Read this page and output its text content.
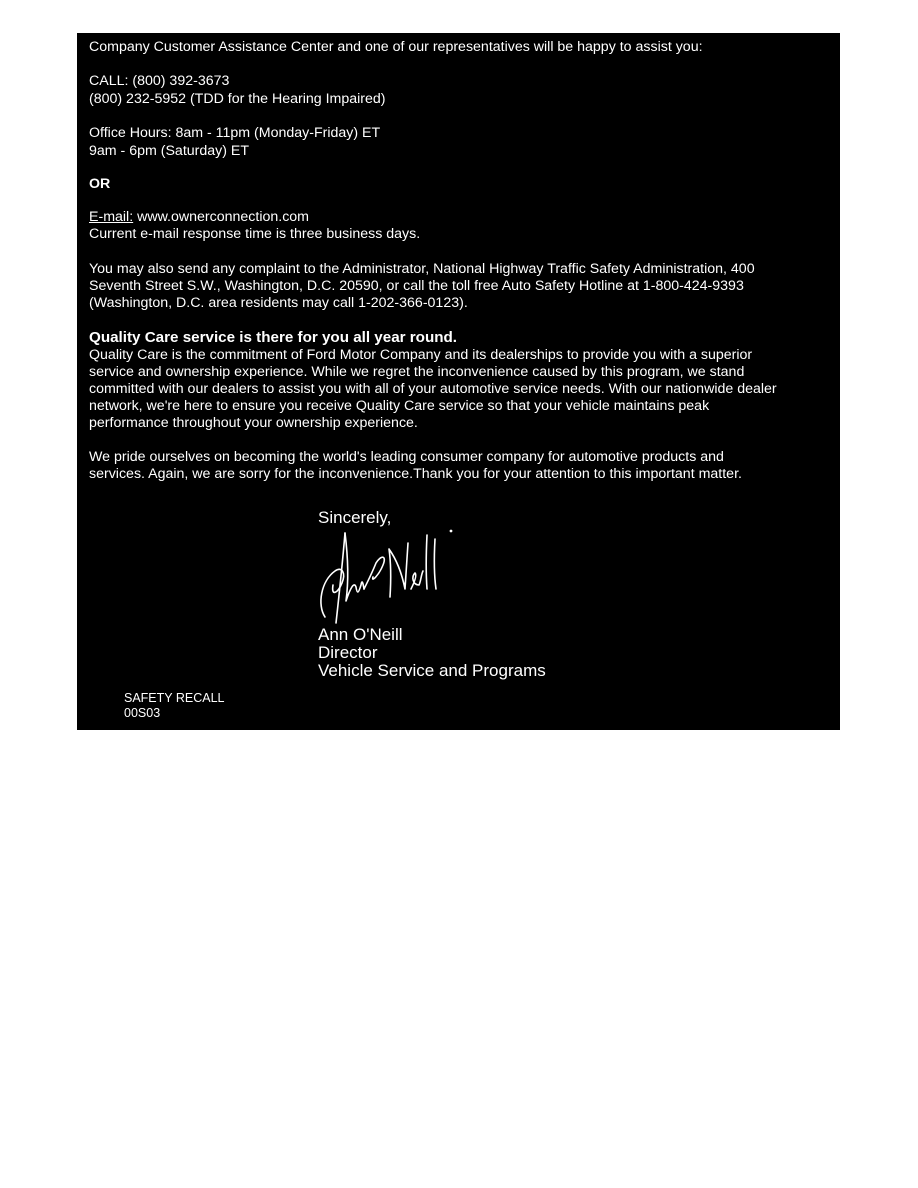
Company Customer Assistance Center and one of our representatives will be happy to assist you:

CALL: (800) 392-3673

(800) 232-5952 (TDD for the Hearing Impaired)

Office Hours: 8am - 11pm (Monday-Friday) ET

9am - 6pm (Saturday) ET

OR

E-mail: www.ownerconnection.com

Current e-mail response time is three business days.

You may also send any complaint to the Administrator, National Highway Traffic Safety Administration, 400

Seventh Street S.W., Washington, D.C. 20590, or call the toll free Auto Safety Hotline at 1-800-424-9393

(Washington, D.C. area residents may call 1-202-366-0123).

Quality Care service is there for you all year round.

Quality Care is the commitment of Ford Motor Company and its dealerships to provide you with a superior

service and ownership experience. While we regret the inconvenience caused by this program, we stand

committed with our dealers to assist you with all of your automotive service needs. With our nationwide dealer

network, we're here to ensure you receive Quality Care service so that your vehicle maintains peak

performance throughout your ownership experience.

We pride ourselves on becoming the world's leading consumer company for automotive products and

services. Again, we are sorry for the inconvenience.Thank you for your attention to this important matter.

Sincerely,

Ann O'Neill

Director

Vehicle Service and Programs

SAFETY RECALL

00S03
